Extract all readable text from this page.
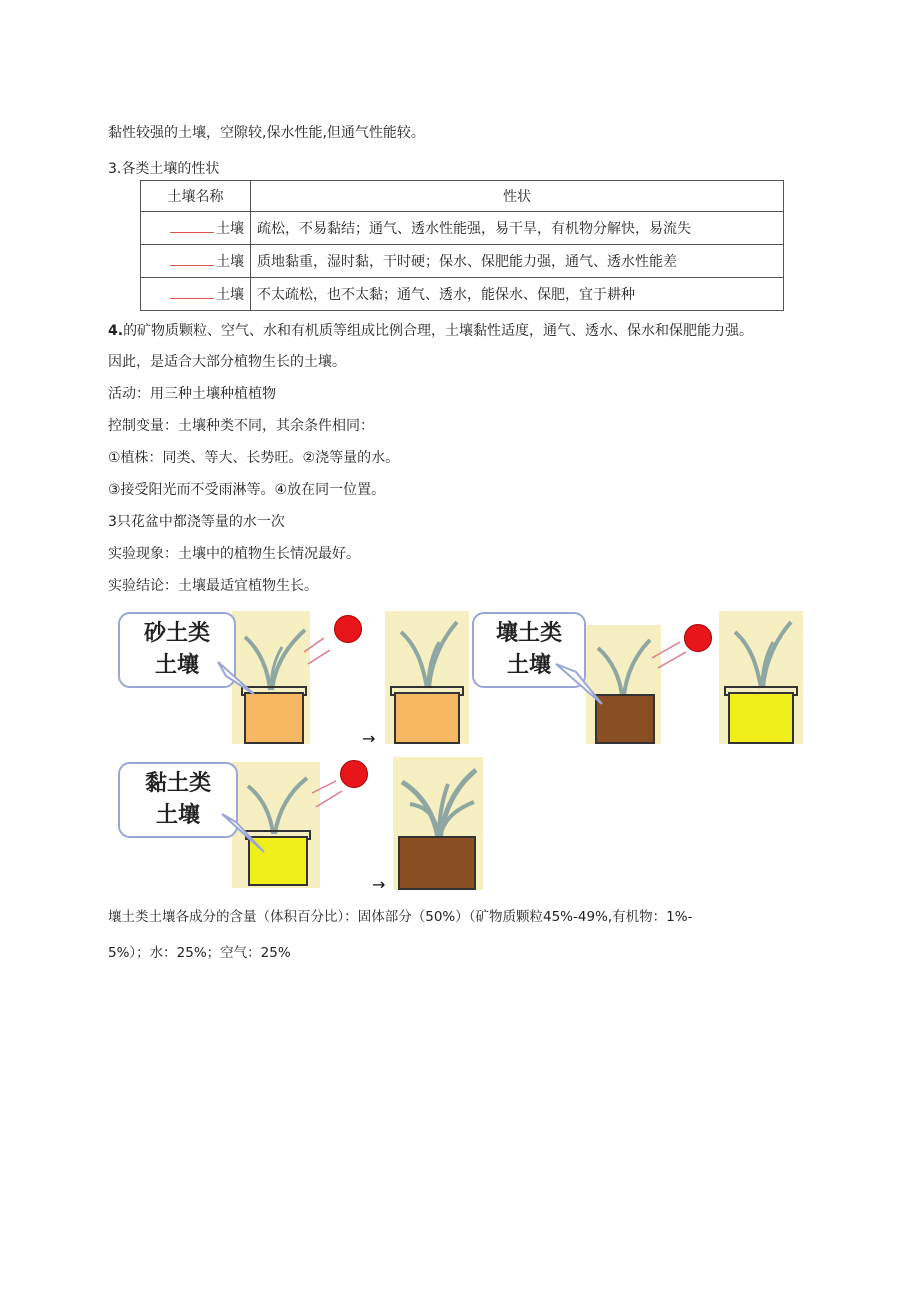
黏性较强的土壤，空隙较,保水性能,但通气性能较。
3.各类土壤的性状
土壤名称	性状
土壤	疏松，不易黏结；通气、透水性能强，易干旱，有机物分解快，易流失
土壤	质地黏重，湿时黏，干时硬；保水、保肥能力强，通气、透水性能差
土壤	不太疏松，也不太黏；通气、透水，能保水、保肥，宜于耕种
4.的矿物质颗粒、空气、水和有机质等组成比例合理，土壤黏性适度，通气、透水、保水和保肥能力强。
因此，是适合大部分植物生长的土壤。
活动：用三种土壤种植植物
控制变量：土壤种类不同，其余条件相同：
①植株：同类、等大、长势旺。②浇等量的水。
③接受阳光而不受雨淋等。④放在同一位置。
3只花盆中都浇等量的水一次
实验现象：土壤中的植物生长情况最好。
实验结论：土壤最适宜植物生长。
砂土类
土壤
壤土类
土壤
黏土类
土壤
→
→
壤土类土壤各成分的含量（体积百分比）：固体部分（50%）（矿物质颗粒45%-49%,有机物：1%-
5%）；水：25%；空气：25%
